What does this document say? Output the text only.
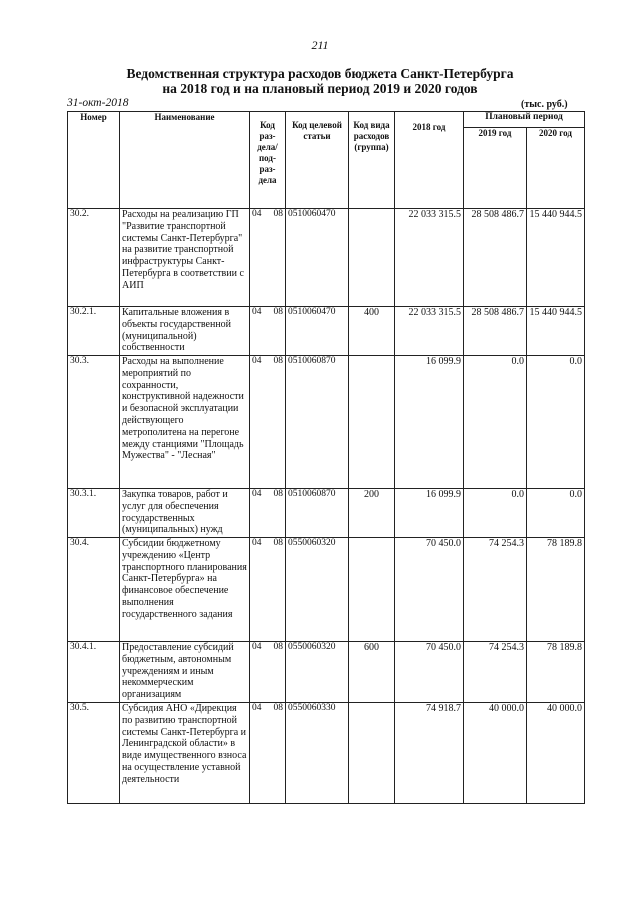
211
Ведомственная структура расходов бюджета Санкт-Петербурга
на 2018 год и на плановый период 2019 и 2020 годов
31-окт-2018	(тыс. руб.)
Номер	Наименование	Код раз-дела/ под-раз-дела	Код целевой статьи	Код вида расходов (группа)	2018 год	Плановый период	
						2019 год	2020 год
30.2.	Расходы на реализацию ГП "Развитие транспортной системы Санкт-Петербурга" на развитие транспортной инфраструктуры Санкт-Петербурга в соответствии с АИП	04 08	0510060470		22 033 315.5	28 508 486.7	15 440 944.5
30.2.1.	Капитальные вложения в объекты государственной (муниципальной) собственности	04 08	0510060470	400	22 033 315.5	28 508 486.7	15 440 944.5
30.3.	Расходы на выполнение мероприятий по сохранности, конструктивной надежности и безопасной эксплуатации действующего метрополитена на перегоне между станциями "Площадь Мужества" - "Лесная"	04 08	0510060870		16 099.9	0.0	0.0
30.3.1.	Закупка товаров, работ и услуг для обеспечения государственных (муниципальных) нужд	04 08	0510060870	200	16 099.9	0.0	0.0
30.4.	Субсидии бюджетному учреждению «Центр транспортного планирования Санкт-Петербурга» на финансовое обеспечение выполнения государственного задания	04 08	0550060320		70 450.0	74 254.3	78 189.8
30.4.1.	Предоставление субсидий бюджетным, автономным учреждениям и иным некоммерческим организациям	04 08	0550060320	600	70 450.0	74 254.3	78 189.8
30.5.	Субсидия АНО «Дирекция по развитию транспортной системы Санкт-Петербурга и Ленинградской области» в виде имущественного взноса на осуществление уставной деятельности	04 08	0550060330		74 918.7	40 000.0	40 000.0
